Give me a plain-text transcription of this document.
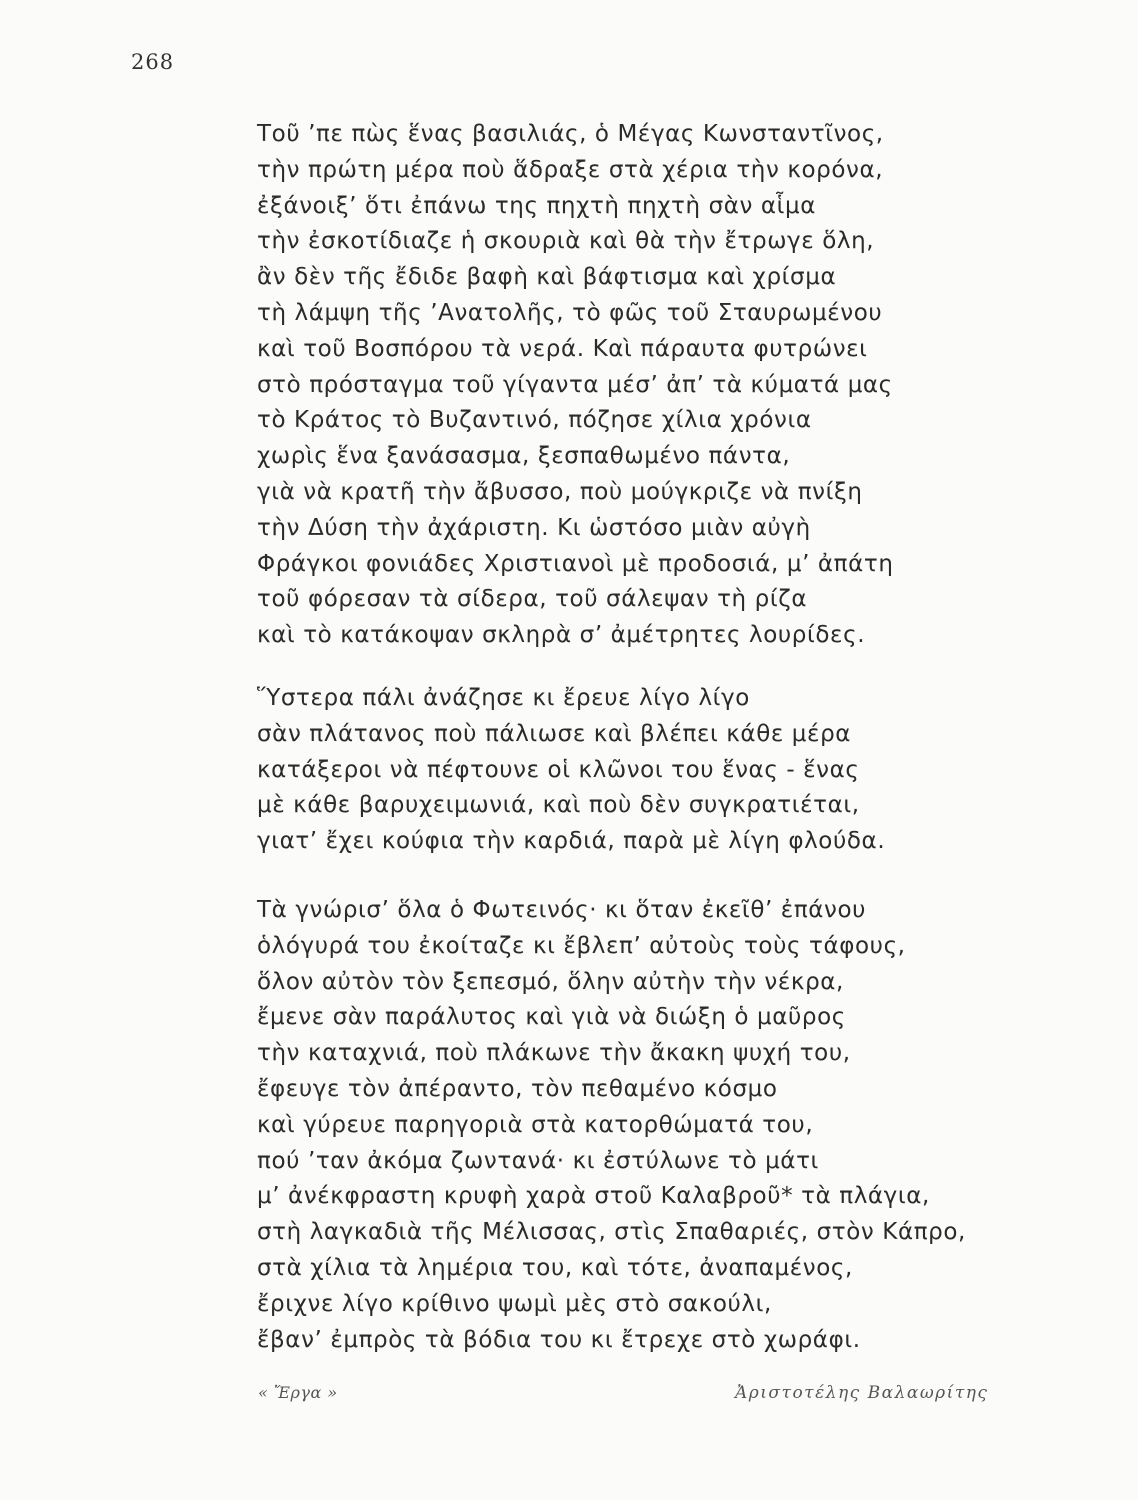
268
Τοῦ ’πε πὼς ἕνας βασιλιάς, ὁ Μέγας Κωνσταντῖνος,
τὴν πρώτη μέρα ποὺ ἅδραξε στὰ χέρια τὴν κορόνα,
ἐξάνοιξ’ ὅτι ἐπάνω της πηχτὴ πηχτὴ σὰν αἷμα
τὴν ἐσκοτίδιαζε ἡ σκουριὰ καὶ θὰ τὴν ἔτρωγε ὅλη,
ἂν δὲν τῆς ἔδιδε βαφὴ καὶ βάφτισμα καὶ χρίσμα
τὴ λάμψη τῆς ’Ανατολῆς, τὸ φῶς τοῦ Σταυρωμένου
καὶ τοῦ Βοσπόρου τὰ νερά. Καὶ πάραυτα φυτρώνει
στὸ πρόσταγμα τοῦ γίγαντα μέσ’ ἀπ’ τὰ κύματά μας
τὸ Κράτος τὸ Βυζαντινό, πόζησε χίλια χρόνια
χωρὶς ἕνα ξανάσασμα, ξεσπαθωμένο πάντα,
γιὰ νὰ κρατῆ τὴν ἄβυσσο, ποὺ μούγκριζε νὰ πνίξη
τὴν Δύση τὴν ἀχάριστη. Κι ὡστόσο μιὰν αὐγὴ
Φράγκοι φονιάδες Χριστιανοὶ μὲ προδοσιά, μ’ ἀπάτη
τοῦ φόρεσαν τὰ σίδερα, τοῦ σάλεψαν τὴ ρίζα
καὶ τὸ κατάκοψαν σκληρὰ σ’ ἀμέτρητες λουρίδες.
Ὕστερα πάλι ἀνάζησε κι ἔρευε λίγο λίγο
σὰν πλάτανος ποὺ πάλιωσε καὶ βλέπει κάθε μέρα
κατάξεροι νὰ πέφτουνε οἱ κλῶνοι του ἕνας - ἕνας
μὲ κάθε βαρυχειμωνιά, καὶ ποὺ δὲν συγκρατιέται,
γιατ’ ἔχει κούφια τὴν καρδιά, παρὰ μὲ λίγη φλούδα.
Τὰ γνώρισ’ ὅλα ὁ Φωτεινός· κι ὅταν ἐκεῖθ’ ἐπάνου
ὁλόγυρά του ἐκοίταζε κι ἔβλεπ’ αὐτοὺς τοὺς τάφους,
ὅλον αὐτὸν τὸν ξεπεσμό, ὅλην αὐτὴν τὴν νέκρα,
ἔμενε σὰν παράλυτος καὶ γιὰ νὰ διώξη ὁ μαῦρος
τὴν καταχνιά, ποὺ πλάκωνε τὴν ἄκακη ψυχή του,
ἔφευγε τὸν ἀπέραντο, τὸν πεθαμένο κόσμο
καὶ γύρευε παρηγοριὰ στὰ κατορθώματά του,
πού ’ταν ἀκόμα ζωντανά· κι ἐστύλωνε τὸ μάτι
μ’ ἀνέκφραστη κρυφὴ χαρὰ στοῦ Καλαβροῦ* τὰ πλάγια,
στὴ λαγκαδιὰ τῆς Μέλισσας, στὶς Σπαθαριές, στὸν Κάπρο,
στὰ χίλια τὰ λημέρια του, καὶ τότε, ἀναπαμένος,
ἔριχνε λίγο κρίθινο ψωμὶ μὲς στὸ σακούλι,
ἔβαν’ ἐμπρὸς τὰ βόδια του κι ἔτρεχε στὸ χωράφι.
« Ἔργα »	Ἀριστοτέλης Βαλαωρίτης
